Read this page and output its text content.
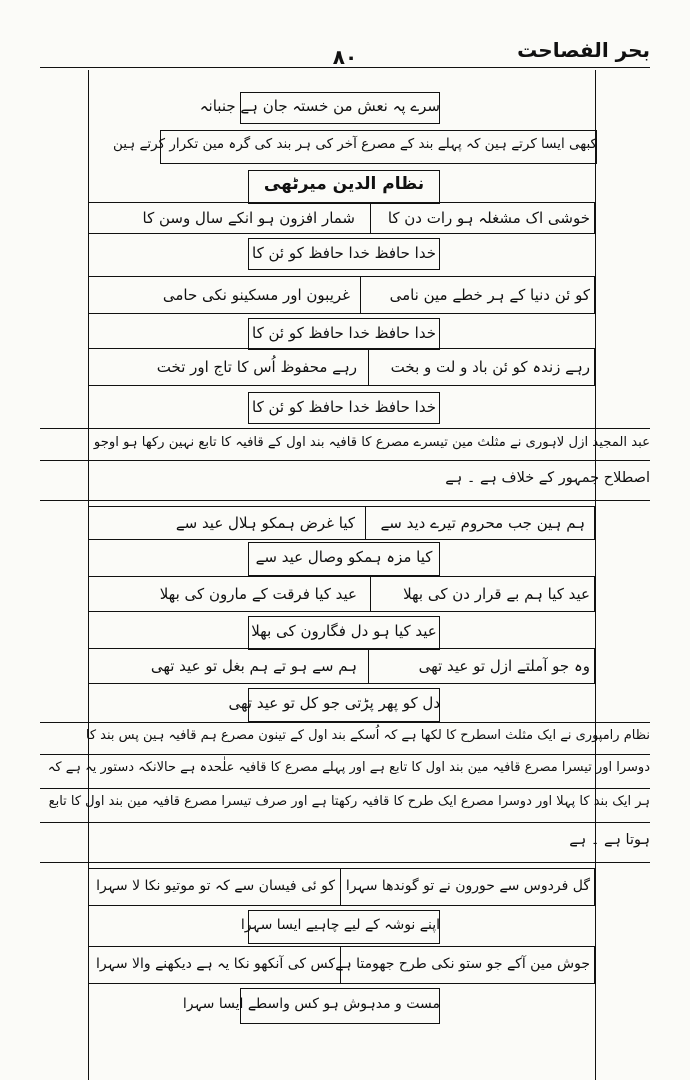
بحر الفصاحت
۸۰
سرے پہ نعش من خستہ جان ہے جنبانہ
کبھی ایسا کرتے ہین کہ پہلے بند کے مصرع آخر کی ہر بند کی گرہ مین تکرار کرتے ہین
نظام الدین میرٹھی
خوشی اک مشغلہ ہو رات دن کا
شمار افزون ہو انکے سال وسن کا
خدا حافظ خدا حافظ کو ئن کا
کو ئن دنیا کے ہر خطے مین نامی
غریبون اور مسکینو نکی حامی
خدا حافظ خدا حافظ کو ئن کا
رہے زندہ کو ئن باد و لت و بخت
رہے محفوظ اُس کا تاج اور تخت
خدا حافظ خدا حافظ کو ئن کا
عبد المجید ازل لاہوری نے مثلث مین تیسرے مصرع کا قافیہ بند اول کے قافیہ کا تابع نہین رکھا ہو اوجو
اصطلاح جمہور کے خلاف ہے ۔ ہے
ہم ہین جب محروم تیرے دید سے
کیا غرض ہمکو ہلال عید سے
کیا مزہ ہمکو وصال عید سے
عید کیا ہم بے قرار دن کی بھلا
عید کیا فرقت کے مارون کی بھلا
عید کیا ہو دل فگارون کی بھلا
وہ جو آملتے ازل تو عید تھی
ہم سے ہو تے ہم بغل تو عید تھی
دل کو پھر پڑتی جو کل تو عید تھی
نظام رامپوری نے ایک مثلث اسطرح کا لکھا ہے کہ اُسکے بند اول کے تینون مصرع ہم قافیہ ہین پس بند کا
دوسرا اور تیسرا مصرع قافیہ مین بند اول کا تابع ہے اور پہلے مصرع کا قافیہ علٰحدہ ہے حالانکہ دستور یہ ہے کہ
ہر ایک بند کا پہلا اور دوسرا مصرع ایک طرح کا قافیہ رکھتا ہے اور صرف تیسرا مصرع قافیہ مین بند اول کا تابع
ہوتا ہے ۔ ہے
گل فردوس سے حورون نے تو گوندھا سہرا
کو ئی فیسان سے کہ تو موتیو نکا لا سہرا
اپنے نوشہ کے لیے چاہیے ایسا سہرا
جوش مین آکے جو ستو نکی طرح جھومتا ہے
کس کی آنکھو نکا یہ ہے دیکھنے والا سہرا
مست و مدہوش ہو کس واسطے ایسا سہرا
